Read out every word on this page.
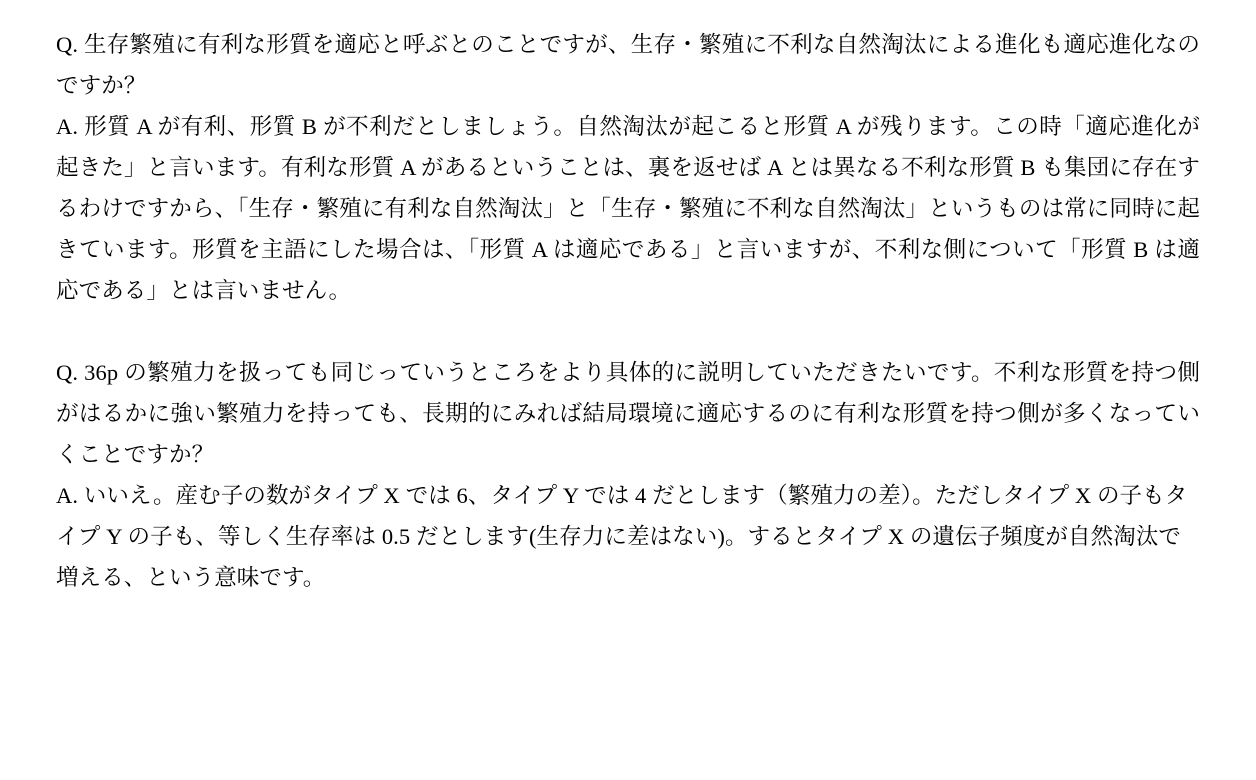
Q. 生存繁殖に有利な形質を適応と呼ぶとのことですが、生存・繁殖に不利な自然淘汰による進化も適応進化なのですか？

A. 形質 A が有利、形質 B が不利だとしましょう。自然淘汰が起こると形質 A が残ります。この時「適応進化が起きた」と言います。有利な形質 A があるということは、裏を返せば A とは異なる不利な形質 B も集団に存在するわけですから、「生存・繁殖に有利な自然淘汰」と「生存・繁殖に不利な自然淘汰」というものは常に同時に起きています。形質を主語にした場合は、「形質 A は適応である」と言いますが、不利な側について「形質 B は適応である」とは言いません。

Q. 36p の繁殖力を扱っても同じっていうところをより具体的に説明していただきたいです。不利な形質を持つ側がはるかに強い繁殖力を持っても、長期的にみれば結局環境に適応するのに有利な形質を持つ側が多くなっていくことですか？

A. いいえ。産む子の数がタイプ X では 6、タイプ Y では 4 だとします（繁殖力の差）。ただしタイプ X の子もタイプ Y の子も、等しく生存率は 0.5 だとします(生存力に差はない)。するとタイプ X の遺伝子頻度が自然淘汰で増える、という意味です。
